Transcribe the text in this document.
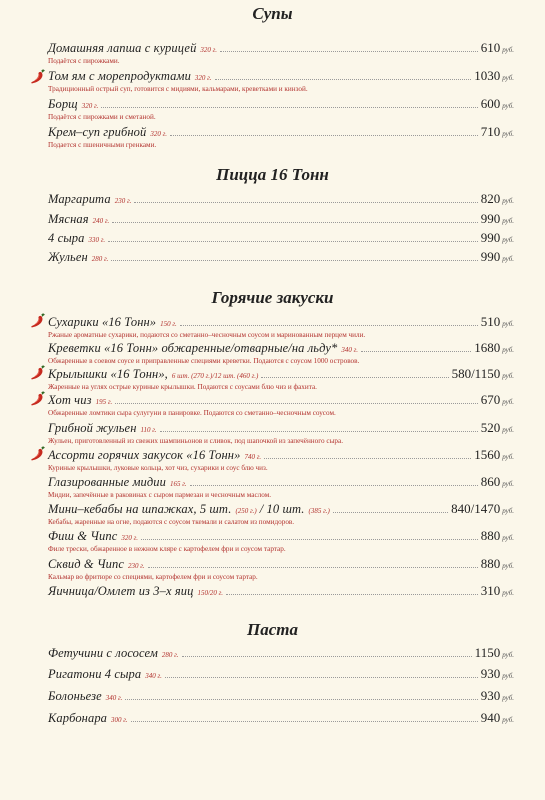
Супы
Домашняя лапша с курицей 320 г.	610 руб.
Подаётся с пирожками.
Том ям с морепродуктами 320 г.	1030 руб.
Традиционный острый суп, готовится с мидиями, кальмарами, креветками и кинзой.
Борщ 320 г.	600 руб.
Подаётся с пирожками и сметаной.
Крем–суп грибной 320 г.	710 руб.
Подается с пшеничными гренками.
Пицца 16 Тонн
Маргарита 230 г.	820 руб.
Мясная 240 г.	990 руб.
4 сыра 330 г.	990 руб.
Жульен 280 г.	990 руб.
Горячие закуски
Сухарики «16 Тонн» 150 г.	510 руб.
Ржаные ароматные сухарики, подаются со сметанно–чесночным соусом и маринованным перцем чили.
Креветки «16 Тонн» обжаренные/отварные/на льду* 340 г.	1680 руб.
Обжаренные в соевом соусе и приправленные специями креветки. Подаются с соусом 1000 островов.
Крылышки «16 Тонн», 6 шт. (270 г.)/12 шт. (460 г.)	580/1150 руб.
Жаренные на углях острые куриные крылышки. Подаются с соусами блю чиз и фахита.
Хот чиз 195 г.	670 руб.
Обжаренные ломтики сыра сулугуни в панировке. Подаются со сметанно–чесночным соусом.
Грибной жульен 110 г.	520 руб.
Жульен, приготовленный из свежих шампиньонов и сливок, под шапочкой из запечённого сыра.
Ассорти горячих закусок «16 Тонн» 740 г.	1560 руб.
Куриные крылышки, луковые кольца, хот чиз, сухарики и соус блю чиз.
Глазированные мидии 165 г.	860 руб.
Мидии, запечённые в раковинах с сыром пармезан и чесночным маслом.
Мини–кебабы на шпажках, 5 шт. (250 г.) / 10 шт. (385 г.)	840/1470 руб.
Кебабы, жаренные на огне, подаются с соусом ткемали и салатом из помидоров.
Фиш & Чипс 320 г.	880 руб.
Филе трески, обжаренное в нежном кляре с картофелем фри и соусом тартар.
Сквид & Чипс 230 г.	880 руб.
Кальмар во фритюре со специями, картофелем фри и соусом тартар.
Яичница/Омлет из 3–х яиц 150/20 г.	310 руб.
Паста
Фетучини с лососем 280 г.	1150 руб.
Ригатони 4 сыра 340 г.	930 руб.
Болоньезе 340 г.	930 руб.
Карбонара 300 г.	940 руб.
